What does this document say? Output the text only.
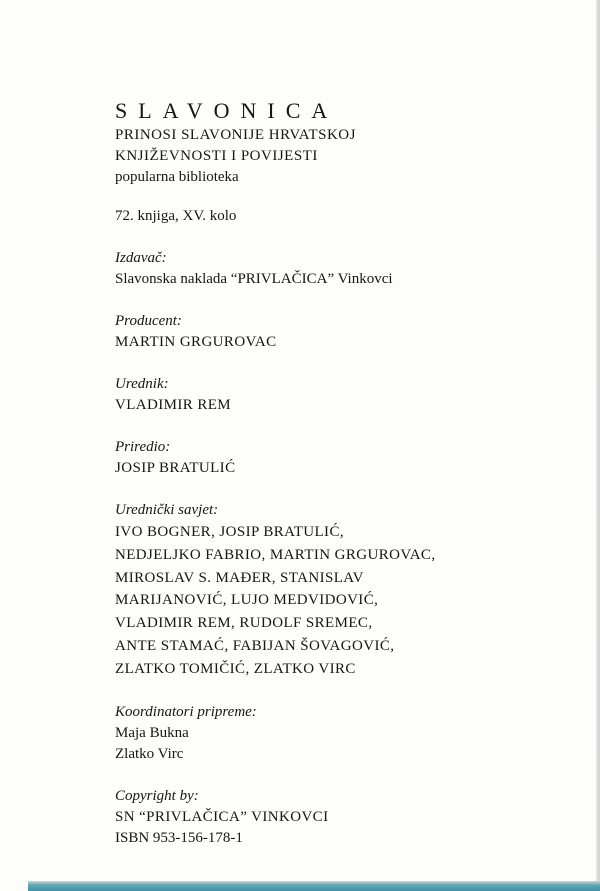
SLAVONICA
PRINOSI SLAVONIJE HRVATSKOJ
KNJIŽEVNOSTI I POVIJESTI
popularna biblioteka
72. knjiga, XV. kolo
Izdavač:
Slavonska naklada “PRIVLAČICA” Vinkovci
Producent:
MARTIN GRGUROVAC
Urednik:
VLADIMIR REM
Priredio:
JOSIP BRATULIĆ
Urednički savjet:
IVO BOGNER, JOSIP BRATULIĆ,
NEDJELJKO FABRIO, MARTIN GRGUROVAC,
MIROSLAV S. MAĐER, STANISLAV
MARIJANOVIĆ, LUJO MEDVIDOVIĆ,
VLADIMIR REM, RUDOLF SREMEC,
ANTE STAMAĆ, FABIJAN ŠOVAGOVIĆ,
ZLATKO TOMIČIĆ, ZLATKO VIRC
Koordinatori pripreme:
Maja Bukna
Zlatko Virc
Copyright by:
SN “PRIVLAČICA” VINKOVCI
ISBN 953-156-178-1
